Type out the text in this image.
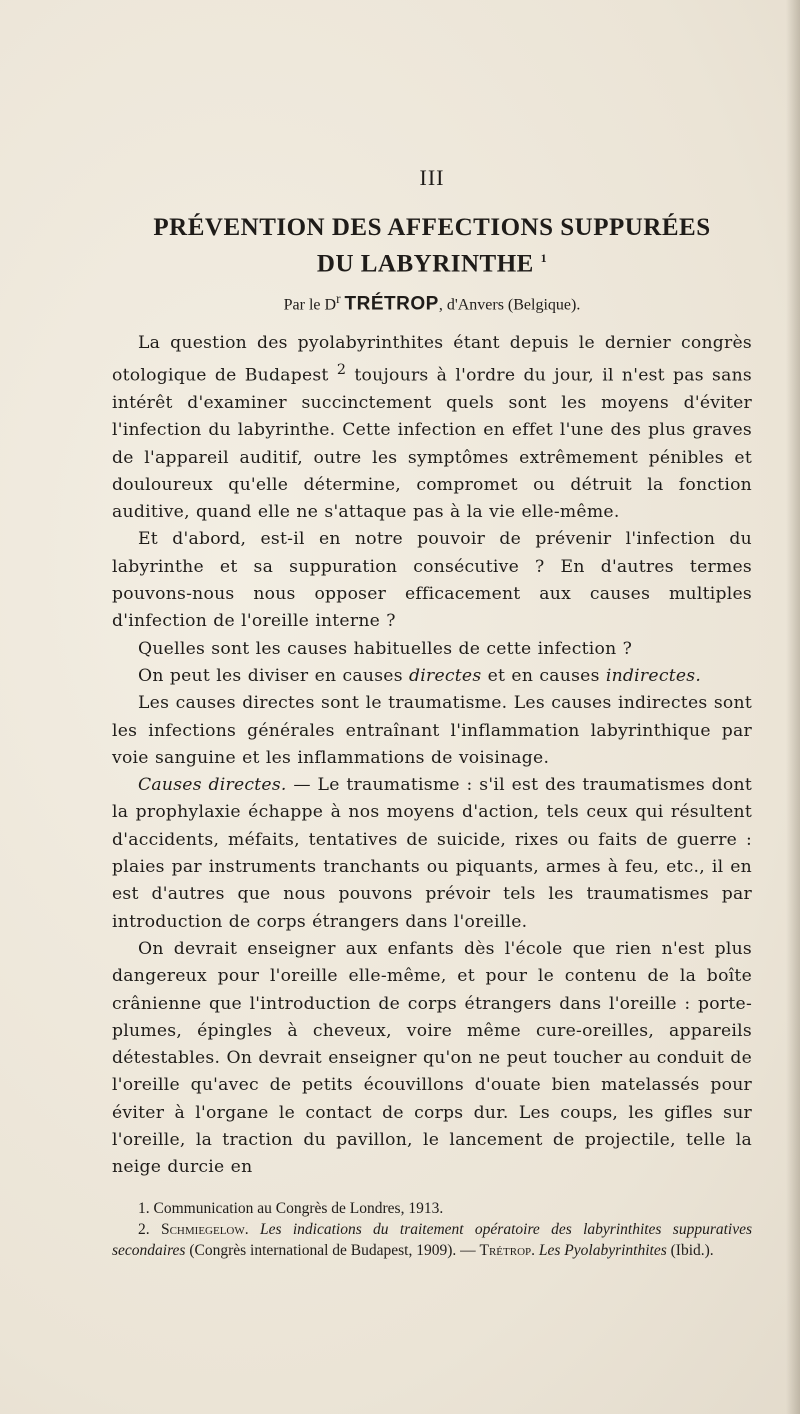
III
PRÉVENTION DES AFFECTIONS SUPPURÉES
DU LABYRINTHE $^1$
Par le $D^r$ TRÉTROP, d'Anvers (Belgique).

La question des pyolabyrinthites étant depuis le dernier congrès otologique de Budapest $^2$ toujours à l'ordre du jour, il n'est pas sans intérêt d'examiner succinctement quels sont les moyens d'éviter l'infection du labyrinthe. Cette infection en effet l'une des plus graves de l'appareil auditif, outre les symptômes extrêmement pénibles et douloureux qu'elle détermine, compromet ou détruit la fonction auditive, quand elle ne s'attaque pas à la vie elle-même.

Et d'abord, est-il en notre pouvoir de prévenir l'infection du labyrinthe et sa suppuration consécutive ? En d'autres termes pouvons-nous nous opposer efficacement aux causes multiples d'infection de l'oreille interne ?

Quelles sont les causes habituelles de cette infection ?

On peut les diviser en causes directes et en causes indirectes.

Les causes directes sont le traumatisme. Les causes indirectes sont les infections générales entraînant l'inflammation labyrinthique par voie sanguine et les inflammations de voisinage.

Causes directes. — Le traumatisme : s'il est des traumatismes dont la prophylaxie échappe à nos moyens d'action, tels ceux qui résultent d'accidents, méfaits, tentatives de suicide, rixes ou faits de guerre : plaies par instruments tranchants ou piquants, armes à feu, etc., il en est d'autres que nous pouvons prévoir tels les traumatismes par introduction de corps étrangers dans l'oreille.

On devrait enseigner aux enfants dès l'école que rien n'est plus dangereux pour l'oreille elle-même, et pour le contenu de la boîte crânienne que l'introduction de corps étrangers dans l'oreille : porte-plumes, épingles à cheveux, voire même cure-oreilles, appareils détestables. On devrait enseigner qu'on ne peut toucher au conduit de l'oreille qu'avec de petits écouvillons d'ouate bien matelassés pour éviter à l'organe le contact de corps dur. Les coups, les gifles sur l'oreille, la traction du pavillon, le lancement de projectile, telle la neige durcie en

1. Communication au Congrès de Londres, 1913.

2. Schmiegelow. Les indications du traitement opératoire des labyrinthites suppuratives secondaires (Congrès international de Budapest, 1909). — Trétrop. Les Pyolabyrinthites (Ibid.).
